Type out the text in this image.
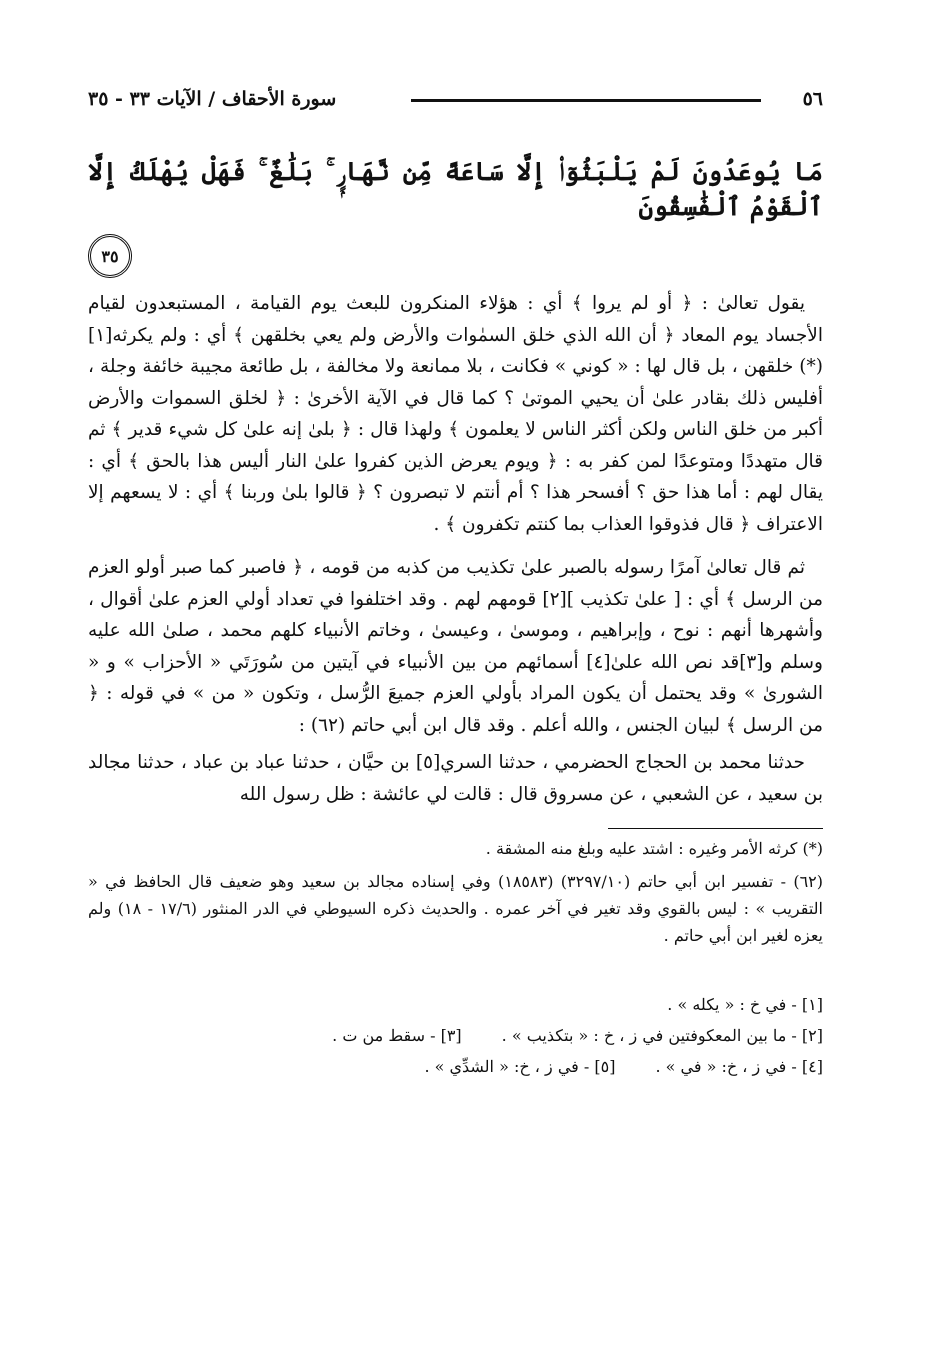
٥٦
سورة الأحقاف / الآيات ٣٣ - ٣٥
مَا يُوعَدُونَ لَمْ يَلْبَثُوٓا۟ إِلَّا سَاعَةً مِّن نَّهَارٍۭ ۚ بَلَٰغٌ ۚ فَهَلْ يُهْلَكُ إِلَّا ٱلْقَوْمُ ٱلْفَٰسِقُونَ
٣٥

يقول تعالىٰ : ﴿ أو لم يروا ﴾ أي : هؤلاء المنكرون للبعث يوم القيامة ، المستبعدون لقيام الأجساد يوم المعاد ﴿ أن الله الذي خلق السمٰوات والأرض ولم يعي بخلقهن ﴾ أي : ولم يكرثه[١] (*) خلقهن ، بل قال لها : « كوني » فكانت ، بلا ممانعة ولا مخالفة ، بل طائعة مجيبة خائفة وجلة ، أفليس ذلك بقادر علىٰ أن يحيي الموتىٰ ؟ كما قال في الآية الأخرىٰ : ﴿ لخلق السموات والأرض أكبر من خلق الناس ولكن أكثر الناس لا يعلمون ﴾ ولهذا قال : ﴿ بلىٰ إنه علىٰ كل شيء قدير ﴾ ثم قال متهددًا ومتوعدًا لمن كفر به : ﴿ ويوم يعرض الذين كفروا علىٰ النار أليس هذا بالحق ﴾ أي : يقال لهم : أما هذا حق ؟ أفسحر هذا ؟ أم أنتم لا تبصرون ؟ ﴿ قالوا بلىٰ وربنا ﴾ أي : لا يسعهم إلا الاعتراف ﴿ قال فذوقوا العذاب بما كنتم تكفرون ﴾ .

ثم قال تعالىٰ آمرًا رسوله بالصبر علىٰ تكذيب من كذبه من قومه ، ﴿ فاصبر كما صبر أولو العزم من الرسل ﴾ أي : [ علىٰ تكذيب ][٢] قومهم لهم . وقد اختلفوا في تعداد أولي العزم علىٰ أقوال ، وأشهرها أنهم : نوح ، وإبراهيم ، وموسىٰ ، وعيسىٰ ، وخاتم الأنبياء كلهم محمد ، صلىٰ الله عليه وسلم و[٣]قد نص الله علىٰ[٤] أسمائهم من بين الأنبياء في آيتين من سُورَتَي « الأحزاب » و « الشورىٰ » وقد يحتمل أن يكون المراد بأولي العزم جميعَ الرُّسل ، وتكون « من » في قوله : ﴿ من الرسل ﴾ لبيان الجنس ، والله أعلم . وقد قال ابن أبي حاتم (٦٢) :

حدثنا محمد بن الحجاج الحضرمي ، حدثنا السري[٥] بن حيَّان ، حدثنا عباد بن عباد ، حدثنا مجالد بن سعيد ، عن الشعبي ، عن مسروق قال : قالت لي عائشة : ظل رسول الله

(*) كرثه الأمر وغيره : اشتد عليه وبلغ منه المشقة .

(٦٢) - تفسير ابن أبي حاتم (٣٢٩٧/١٠) (١٨٥٨٣) وفي إسناده مجالد بن سعيد وهو ضعيف قال الحافظ في « التقريب » : ليس بالقوي وقد تغير في آخر عمره . والحديث ذكره السيوطي في الدر المنثور (١٧/٦ - ١٨) ولم يعزه لغير ابن أبي حاتم .

[١] - في خ : « يكله » .
[٢] - ما بين المعكوفتين في ز ، خ : « بتكذيب » .
[٣] - سقط من ت .
[٤] - في ز ، خ: « في » .
[٥] - في ز ، خ: « الشدِّي » .
